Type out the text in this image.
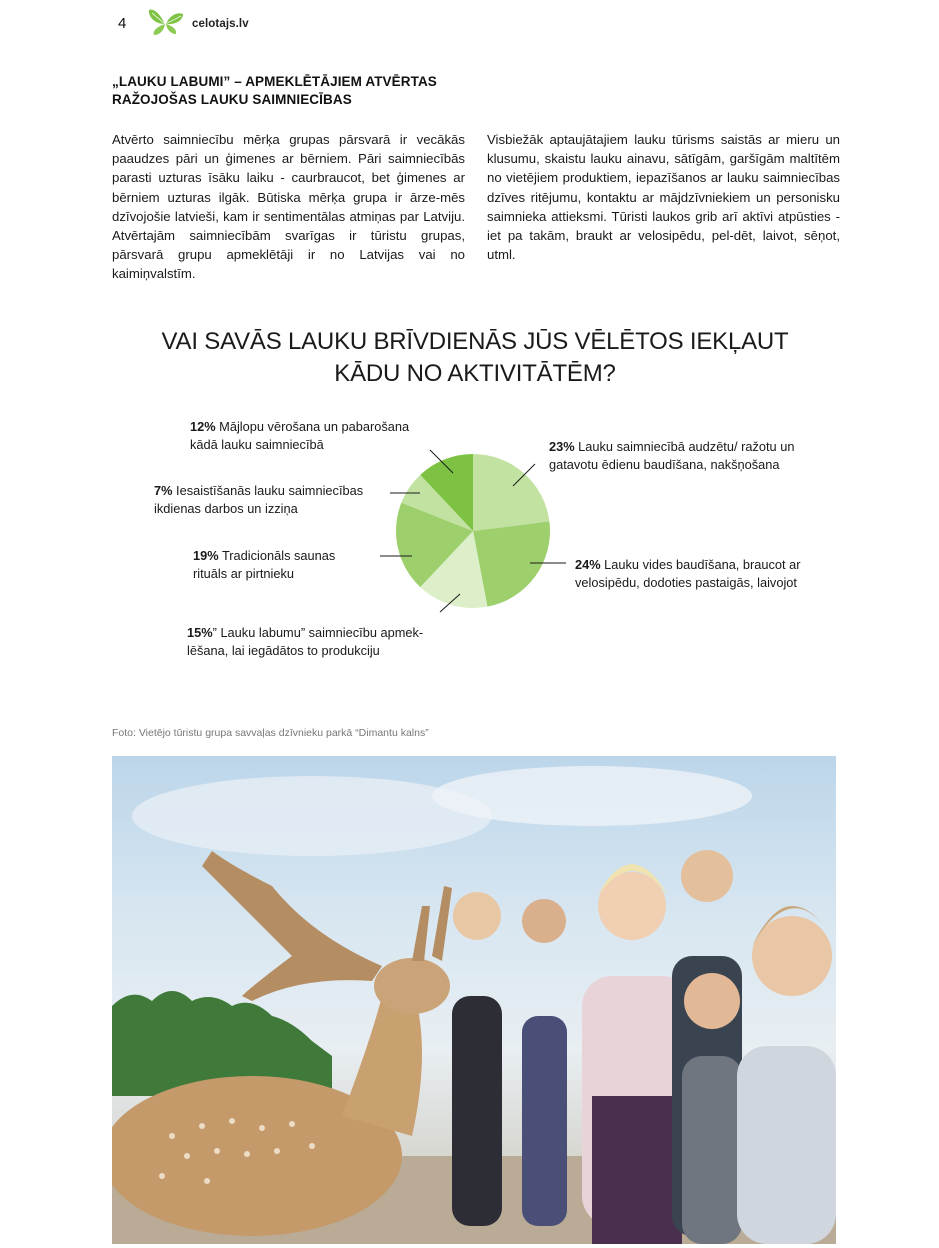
4	celotajs.lv
„LAUKU LABUMI” – APMEKLĒTĀJIEM ATVĒRTAS RAŽOJOŠAS LAUKU SAIMNIECĪBAS
Atvērto saimniecību mērķa grupas pārsvarā ir vecākās paaudzes pāri un ģimenes ar bērniem. Pāri saimniecībās parasti uzturas īsāku laiku - caurbraucot, bet ģimenes ar bērniem uzturas ilgāk. Būtiska mērķa grupa ir ārze-mēs dzīvojošie latvieši, kam ir sentimentālas atmiņas par Latviju. Atvērtajām saimniecībām svarīgas ir tūristu grupas, pārsvarā grupu apmeklētāji ir no Latvijas vai no kaimiņvalstīm.
Visbiežāk aptaujātajiem lauku tūrisms saistās ar mieru un klusumu, skaistu lauku ainavu, sātīgām, garšīgām maltītēm no vietējiem produktiem, iepazīšanos ar lauku saimniecības dzīves ritējumu, kontaktu ar mājdzīvniekiem un personisku saimnieka attieksmi. Tūristi laukos grib arī aktīvi atpūsties - iet pa takām, braukt ar velosipēdu, pel-dēt, laivot, sēņot, utml.
VAI SAVĀS LAUKU BRĪVDIENĀS JŪS VĒLĒTOS IEKĻAUT
KĀDU NO AKTIVITĀTĒM?
23% Lauku saimniecībā audzētu/ ražotu un
gatavotu ēdienu baudīšana, nakšņošana
24% Lauku vides baudīšana, braucot ar
velosipēdu, dodoties pastaigās, laivojot
15%” Lauku labumu” saimniecību apmek-
lēšana, lai iegādātos to produkciju
19% Tradicionāls saunas
rituāls ar pirtnieku
7% Iesaistīšanās lauku saimniecības
ikdienas darbos un izziņa
12% Mājlopu vērošana un pabarošana
kādā lauku saimniecībā
Foto: Vietējo tūristu grupa savvaļas dzīvnieku parkā “Dimantu kalns”
